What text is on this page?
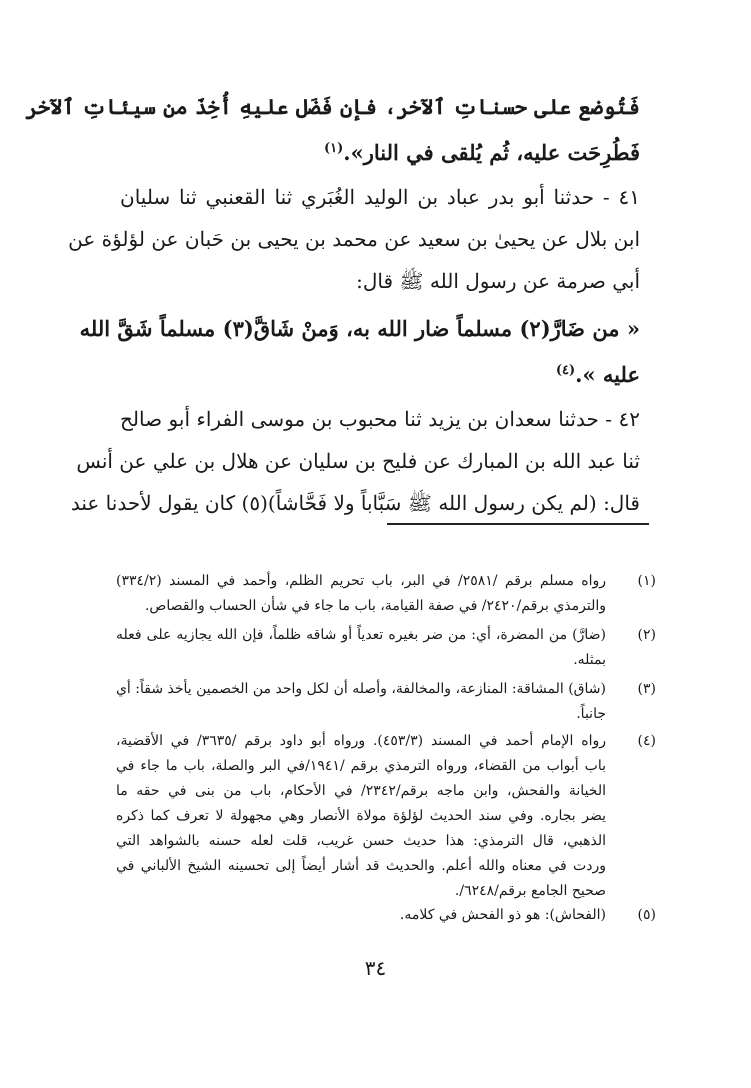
فَتُوضع على حسناتِ ٱلآخر، فإن فَضَل عليهِ أُخِذَ من سيئاتِ ٱلآخر
فَطُرِحَت عليه، ثُم يُلقى في النار».$^{(١)}$
٤١ - حدثنا أبو بدر عباد بن الوليد الغُبَري ثنا القعنبي ثنا سليان
ابن بلال عن يحيىٰ بن سعيد عن محمد بن يحيى بن حَبان عن لؤلؤة عن
أبي صرمة عن رسول الله ﷺ قال:
« من ضَارَّ(٢) مسلماً ضار الله به، وَمنْ شَاقَّ(٣) مسلماً شَقَّ الله
عليه ».$^{(٤)}$
٤٢ - حدثنا سعدان بن يزيد ثنا محبوب بن موسى الفراء أبو صالح
ثنا عبد الله بن المبارك عن فليح بن سليان عن هلال بن علي عن أنس
قال: (لم يكن رسول الله ﷺ سَبَّاباً ولا فَحَّاشاً)(٥) كان يقول لأحدنا عند
(١)
رواه مسلم برقم /٢٥٨١/ في البر، باب تحريم الظلم، وأحمد في المسند (٣٣٤/٢)
والترمذي برقم/٢٤٢٠/ في صفة القيامة، باب ما جاء في شأن الحساب والقصاص.
(٢)
(ضارَّ) من المضرة، أي: من ضر بغيره تعدياً أو شاقه ظلماً، فإن الله يجازيه على فعله
بمثله.
(٣)
(شاق) المشاقة: المنازعة، والمخالفة، وأصله أن لكل واحد من الخصمين يأخذ شقاً: أي
جانباً.
(٤)
رواه الإمام أحمد في المسند (٤٥٣/٣). ورواه أبو داود برقم /٣٦٣٥/ في الأقضية،
باب أبواب من القضاء، ورواه الترمذي برقم /١٩٤١/في البر والصلة، باب ما جاء في
الخيانة والفحش، وابن ماجه برقم/٢٣٤٢/ في الأحكام، باب من بنى في حقه ما
يضر بجاره. وفي سند الحديث لؤلؤة مولاة الأنصار وهي مجهولة لا تعرف كما ذكره
الذهبي، قال الترمذي: هذا حديث حسن غريب، قلت لعله حسنه بالشواهد التي
وردت في معناه والله أعلم. والحديث قد أشار أيضاً إلى تحسينه الشيخ الألباني في
صحيح الجامع برقم/٦٢٤٨/.
(٥)
(الفحاش): هو ذو الفحش في كلامه.
٣٤
